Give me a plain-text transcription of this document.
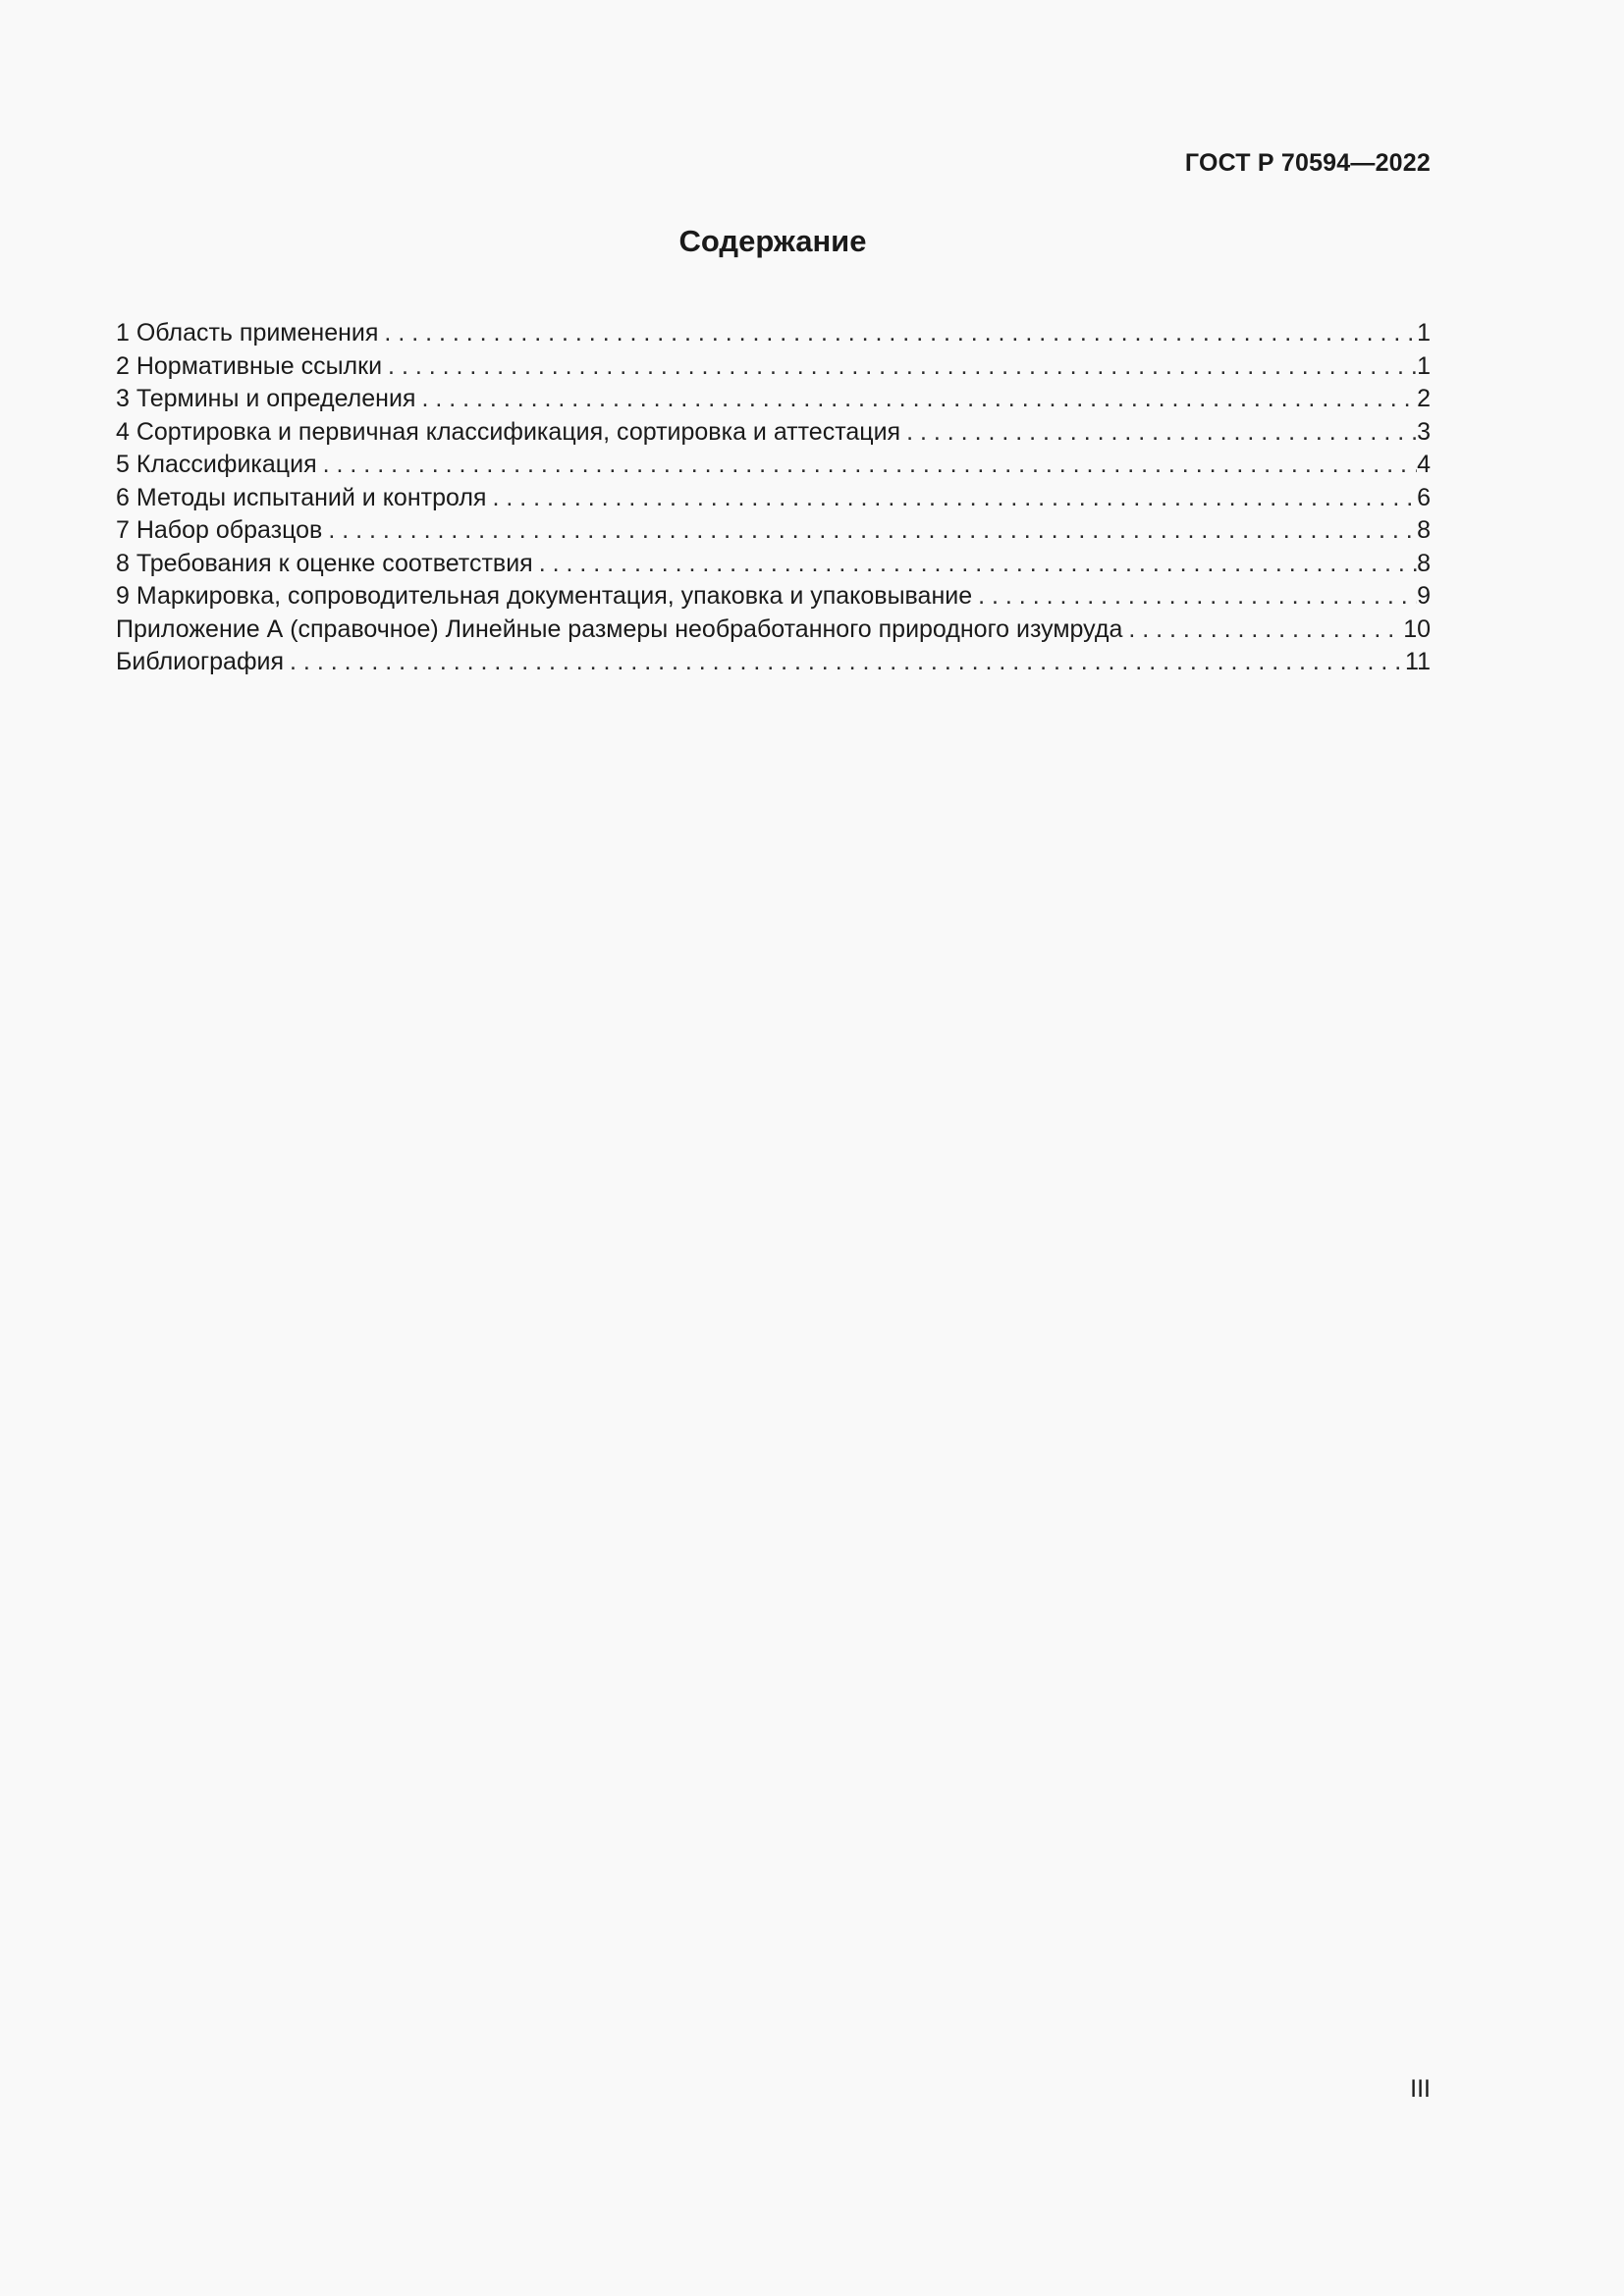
ГОСТ Р 70594—2022
Содержание
1 Область применения . . .	1
2 Нормативные ссылки . . .	1
3 Термины и определения . . .	2
4 Сортировка и первичная классификация, сортировка и аттестация . . .	3
5 Классификация . . .	4
6 Методы испытаний и контроля . . .	6
7 Набор образцов . . .	8
8 Требования к оценке соответствия . . .	8
9 Маркировка, сопроводительная документация, упаковка и упаковывание . . .	9
Приложение А (справочное) Линейные размеры необработанного природного изумруда . . .	10
Библиография . . .	11
III
